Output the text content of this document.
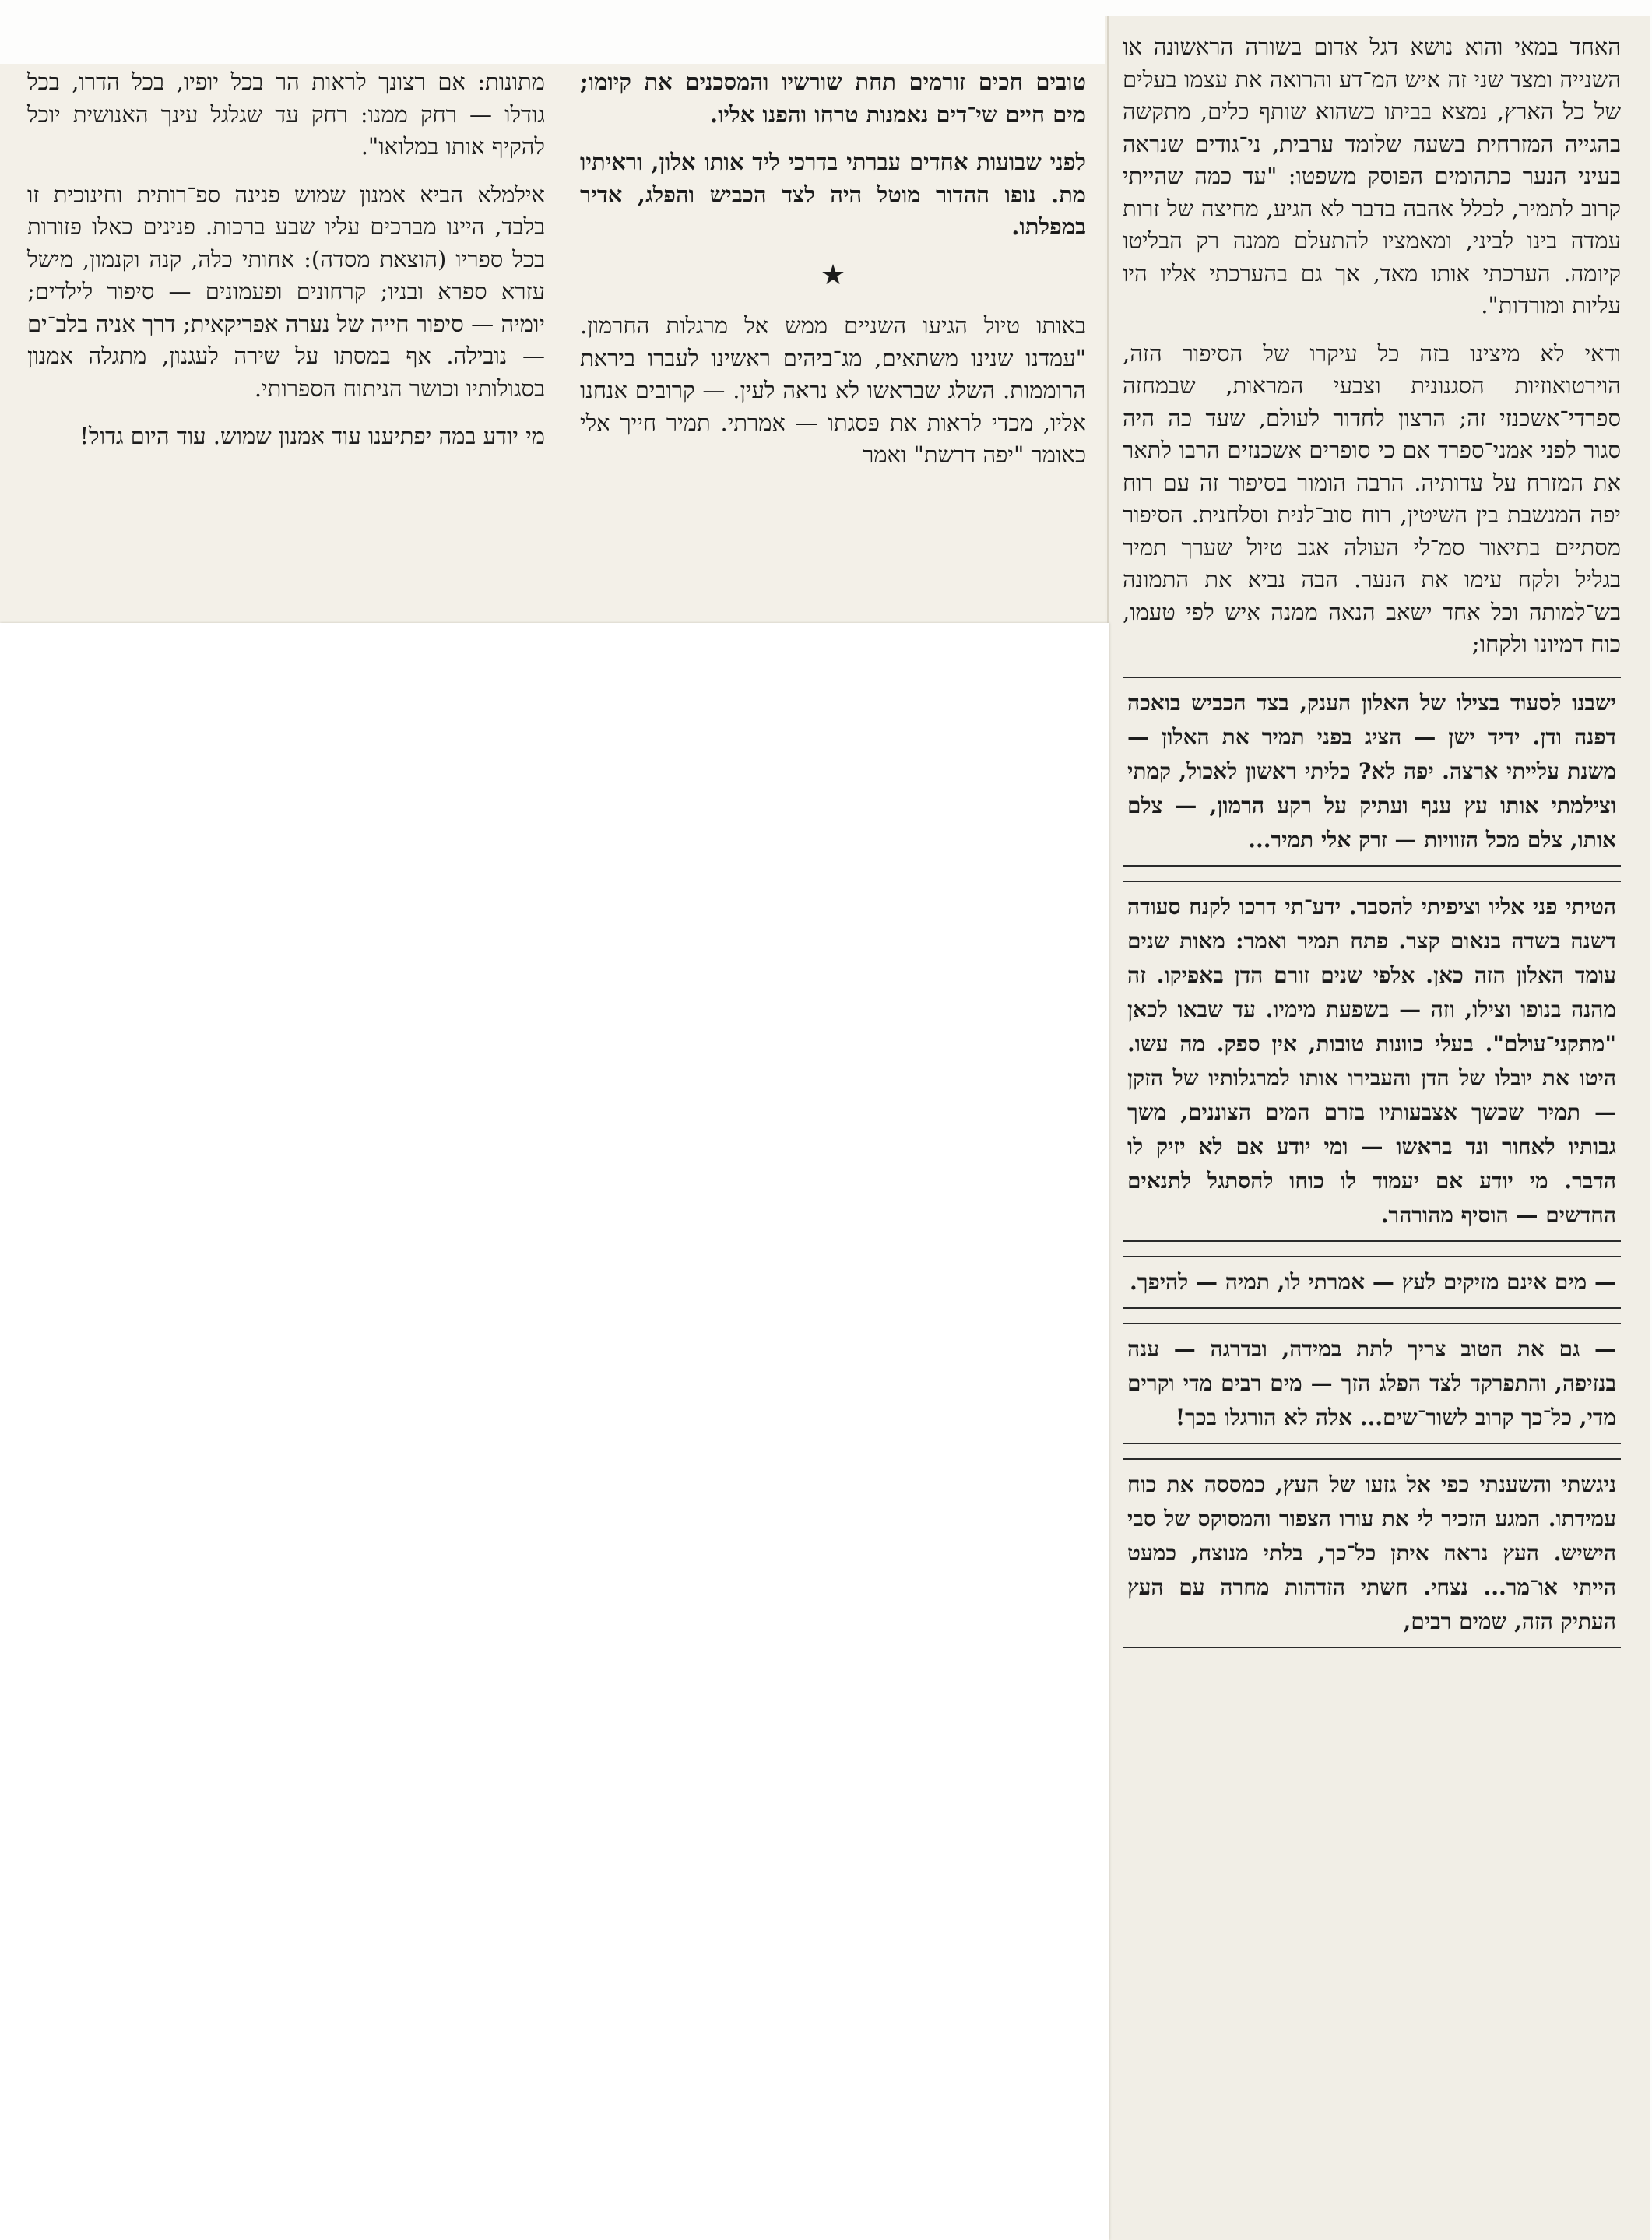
האחד במאי והוא נושא דגל אדום בשורה הראשונה או השנייה ומצד שני זה איש המ־דע והרואה את עצמו בעלים של כל הארץ, נמצא בביתו כשהוא שותף כלים, מתקשה בהגייה המזרחית בשעה שלומד ערבית, ני־גודים שנראה בעיני הנער כתהומים הפוסק משפטו: "עד כמה שהייתי קרוב לתמיר, לכלל אהבה בדבר לא הגיע, מחיצה של זרות עמדה בינו לביני, ומאמציו להתעלם ממנה רק הבליטו קיומה. הערכתי אותו מאד, אך גם בהערכתי אליו היו עליות ומורדות".

ודאי לא מיצינו בזה כל עיקרו של הסיפור הזה, הוירטואוזיות הסגנונית וצבעי המראות, שבמחזה ספרדי־אשכנזי זה; הרצון לחדור לעולם, שעד כה היה סגור לפני אמני־ספרד אם כי סופרים אשכנזים הרבו לתאר את המזרח על עדותיה. הרבה הומור בסיפור זה עם רוח יפה המנשבת בין השיטין, רוח סוב־לנית וסלחנית. הסיפור מסתיים בתיאור סמ־לי העולה אגב טיול שערך תמיר בגליל ולקח עימו את הנער. הבה נביא את התמונה בש־למותה וכל אחד ישאב הנאה ממנה איש לפי טעמו, כוח דמיונו ולקחו;

ישבנו לסעוד בצילו של האלון הענק, בצד הכביש בואכה דפנה ודן. ידיד ישן — הציג בפני תמיר את האלון — משנת עלייתי ארצה. יפה לא? כליתי ראשון לאכול, קמתי וצילמתי אותו עץ ענף ועתיק על רקע הרמון, — צלם אותו, צלם מכל הזוויות — זרק אלי תמיר...
הטיתי פני אליו וציפיתי להסבר. ידע־תי דרכו לקנח סעודה דשנה בשדה בנאום קצר. פתח תמיר ואמר: מאות שנים עומד האלון הזה כאן. אלפי שנים זורם הדן באפיקו. זה מהנה בנופו וצילו, וזה — בשפעת מימיו. עד שבאו לכאן "מתקני־עולם". בעלי כוונות טובות, אין ספק. מה עשו. היטו את יובלו של הדן והעבירו אותו למרגלותיו של הזקן — תמיר שכשך אצבעותיו בזרם המים הצוננים, משך גבותיו לאחור ונד בראשו — ומי יודע אם לא יזיק לו הדבר. מי יודע אם יעמוד לו כוחו להסתגל לתנאים החדשים — הוסיף מהורהר.
— מים אינם מזיקים לעץ — אמרתי לו, תמיה — להיפך.
— גם את הטוב צריך לתת במידה, ובדרגה — ענה בנזיפה, והתפרקד לצד הפלג הזך — מים רבים מדי וקרים מדי, כל־כך קרוב לשור־שים... אלה לא הורגלו בכך!
ניגשתי והשענתי כפי אל גזעו של העץ, כמססה את כוח עמידתו. המגע הזכיר לי את עורו הצפור והמסוקס של סבי הישיש. העץ נראה איתן כל־כך, בלתי מנוצח, כמעט הייתי או־מר... נצחי. חשתי הזדהות מחרה עם העץ העתיק הזה, שמים רבים,

טובים חכים זורמים תחת שורשיו והמסכנים את קיומו; מים חיים שי־דים נאמנות טרחו והפנו אליו.

לפני שבועות אחדים עברתי בדרכי ליד אותו אלון, וראיתיו מת. נופו ההדור מוטל היה לצד הכביש והפלג, אדיר במפלתו.

★

באותו טיול הגיעו השניים ממש אל מרגלות החרמון. "עמדנו שנינו משתאים, מג־ביהים ראשינו לעברו ביראת הרוממות. השלג שבראשו לא נראה לעין. — קרובים אנחנו אליו, מכדי לראות את פסגתו — אמרתי. תמיר חייך אלי כאומר "יפה דרשת" ואמר

מתונות: אם רצונך לראות הר בכל יופיו, בכל הדרו, בכל גודלו — רחק ממנו: רחק עד שגלגל עינך האנושית יוכל להקיף אותו במלואו".

אילמלא הביא אמנון שמוש פנינה ספ־רותית וחינוכית זו בלבד, היינו מברכים עליו שבע ברכות. פנינים כאלו פזורות בכל ספריו (הוצאת מסדה): אחותי כלה, קנה וקנמון, מישל עזרא ספרא ובניו; קרחונים ופעמונים — סיפור לילדים; יומיה — סיפור חייה של נערה אפריקאית; דרך אניה בלב־ים — נובילה. אף במסתו על שירה לעגנון, מתגלה אמנון בסגולותיו וכושר הניתוח הספרותי.

מי יודע במה יפתיענו עוד אמנון שמוש. עוד היום גדול!
